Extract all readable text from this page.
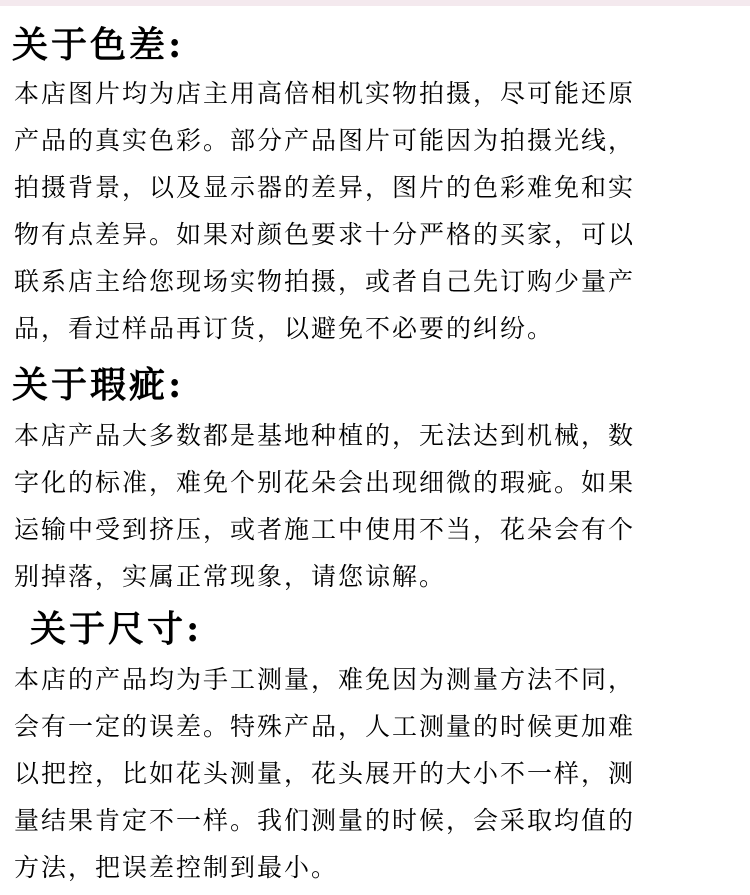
关于色差:
本店图片均为店主用高倍相机实物拍摄，尽可能还原
产品的真实色彩。部分产品图片可能因为拍摄光线，
拍摄背景，以及显示器的差异，图片的色彩难免和实
物有点差异。如果对颜色要求十分严格的买家，可以
联系店主给您现场实物拍摄，或者自己先订购少量产
品，看过样品再订货，以避免不必要的纠纷。
关于瑕疵:
本店产品大多数都是基地种植的，无法达到机械，数
字化的标准，难免个别花朵会出现细微的瑕疵。如果
运输中受到挤压，或者施工中使用不当，花朵会有个
别掉落，实属正常现象，请您谅解。
关于尺寸:
本店的产品均为手工测量，难免因为测量方法不同，
会有一定的误差。特殊产品，人工测量的时候更加难
以把控，比如花头测量，花头展开的大小不一样，测
量结果肯定不一样。我们测量的时候，会采取均值的
方法，把误差控制到最小。
